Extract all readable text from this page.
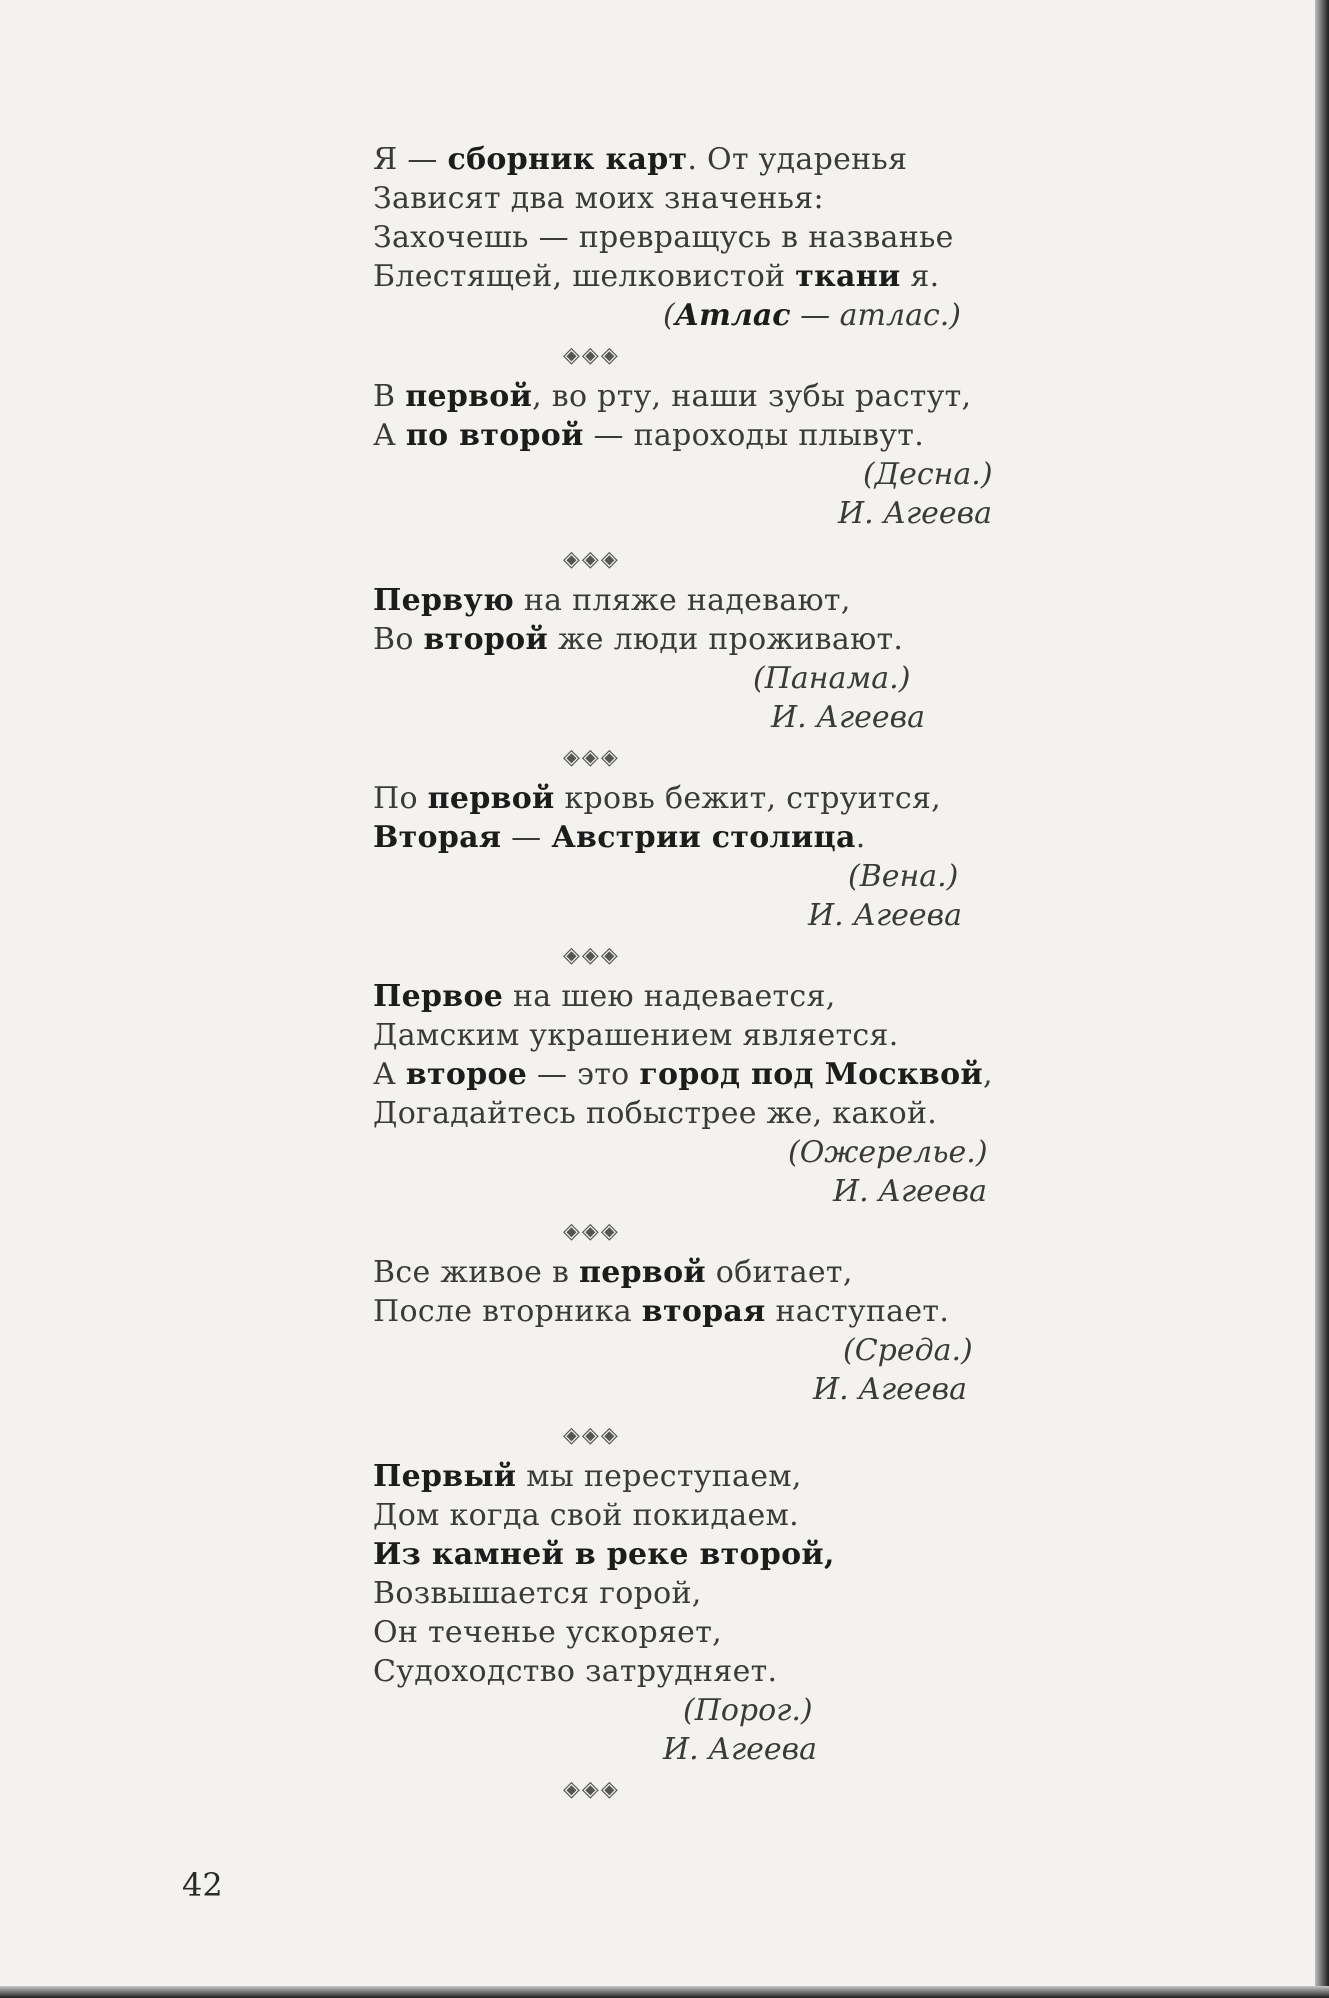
Я — сборник карт. От ударенья
Зависят два моих значенья:
Захочешь — превращусь в названье
Блестящей, шелковистой ткани я.
(Атлас — атлас.)
◈◈◈
В первой, во рту, наши зубы растут,
А по второй — пароходы плывут.
(Десна.)
И. Агеева
◈◈◈
Первую на пляже надевают,
Во второй же люди проживают.
(Панама.)
И. Агеева
◈◈◈
По первой кровь бежит, струится,
Вторая — Австрии столица.
(Вена.)
И. Агеева
◈◈◈
Первое на шею надевается,
Дамским украшением является.
А второе — это город под Москвой,
Догадайтесь побыстрее же, какой.
(Ожерелье.)
И. Агеева
◈◈◈
Все живое в первой обитает,
После вторника вторая наступает.
(Среда.)
И. Агеева
◈◈◈
Первый мы переступаем,
Дом когда свой покидаем.
Из камней в реке второй,
Возвышается горой,
Он теченье ускоряет,
Судоходство затрудняет.
(Порог.)
И. Агеева
◈◈◈
42
